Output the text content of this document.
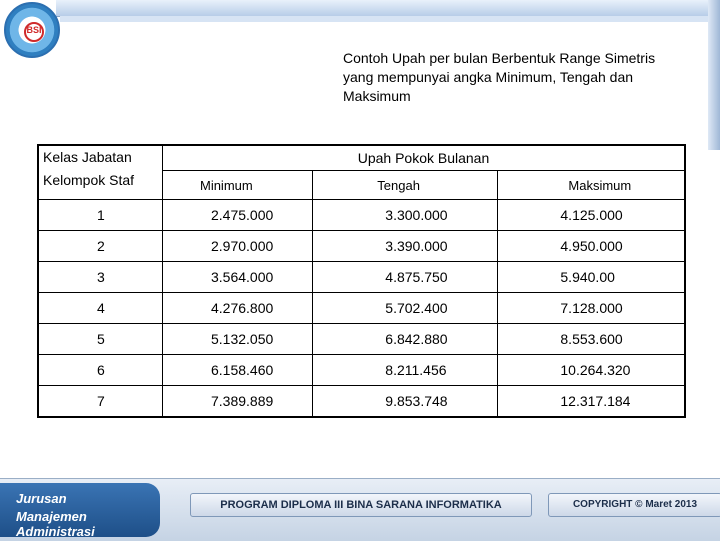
BSI
Contoh Upah per bulan Berbentuk Range Simetris
yang mempunyai angka Minimum, Tengah dan
Maksimum
Kelas Jabatan
Kelompok Staf	Upah Pokok Bulanan		
	Minimum	Tengah	Maksimum
1	2.475.000	3.300.000	4.125.000
2	2.970.000	3.390.000	4.950.000
3	3.564.000	4.875.750	5.940.00
4	4.276.800	5.702.400	7.128.000
5	5.132.050	6.842.880	8.553.600
6	6.158.460	8.211.456	10.264.320
7	7.389.889	9.853.748	12.317.184
Jurusan
Manajemen Administrasi
PROGRAM DIPLOMA III BINA SARANA INFORMATIKA	COPYRIGHT © Maret 2013
